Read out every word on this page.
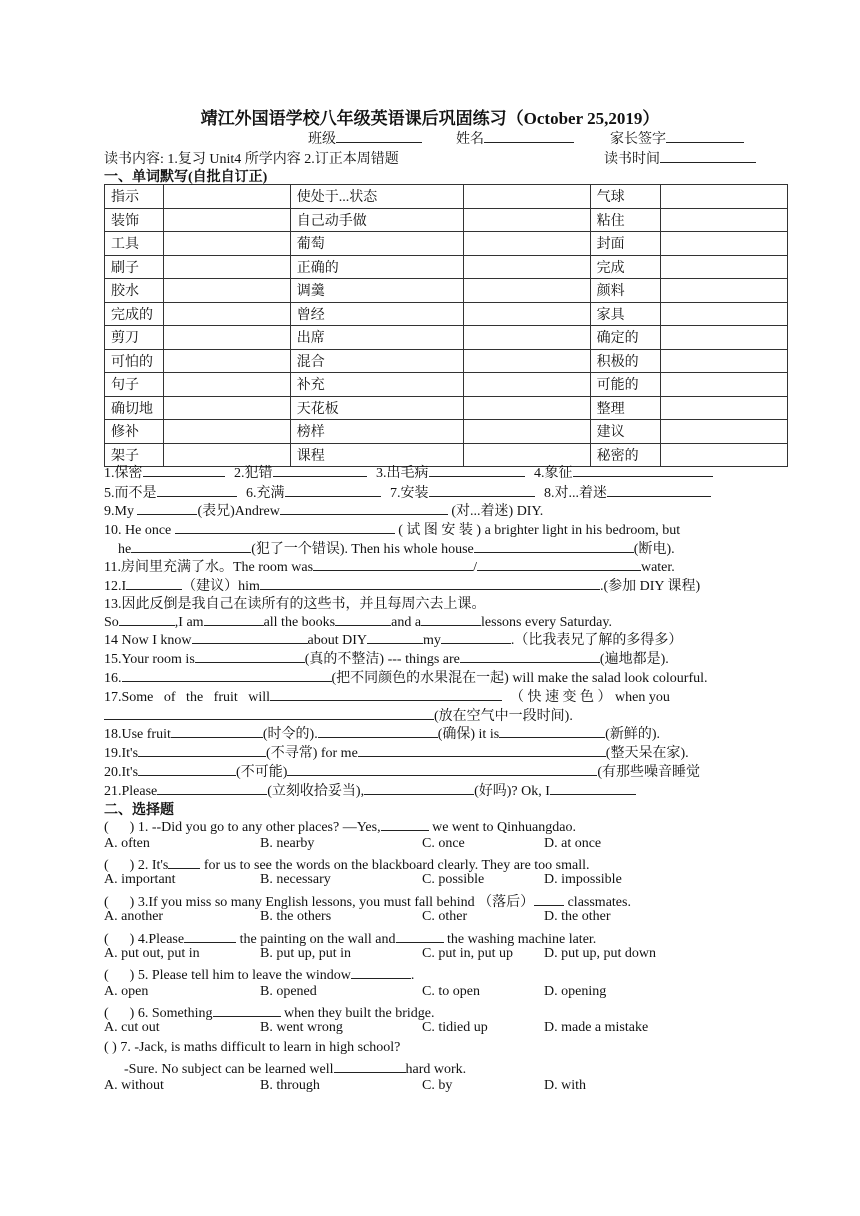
靖江外国语学校八年级英语课后巩固练习（October 25,2019）
班级	姓名	家长签字
读书内容: 1.复习 Unit4 所学内容 2.订正本周错题	读书时间
一、单词默写(自批自订正)
指示		使处于...状态		气球	
装饰		自己动手做		粘住	
工具		葡萄		封面	
刷子		正确的		完成	
胶水		调羹		颜料	
完成的		曾经		家具	
剪刀		出席		确定的	
可怕的		混合		积极的	
句子		补充		可能的	
确切地		天花板		整理	
修补		榜样		建议	
架子		课程		秘密的	
1.保密	2.犯错	3.出毛病	4.象征
5.而不是	6.充满	7.安装	8.对...着迷
9.My	(表兄)Andrew	(对...着迷) DIY.
10. He once	( 试 图 安 装 ) a brighter light in his bedroom, but
he	(犯了一个错误). Then his whole house	(断电).
11.房间里充满了水。The room was	/	water.
12.I	（建议）him	.(参加 DIY 课程)
13.因此反倒是我自己在读所有的这些书，并且每周六去上课。
So	,I am	all the books	and a	lessons every Saturday.
14 Now I know	about DIY	my	.（比我表兄了解的多得多）
15.Your room is	(真的不整洁) --- things are	(遍地都是).
16.	(把不同颜色的水果混在一起) will make the salad look colourful.
17.Some   of   the   fruit   will	（ 快 速 变 色 ） when you
(放在空气中一段时间).
18.Use fruit	(时令的).	(确保) it is	(新鲜的).
19.It's	(不寻常) for me	(整天呆在家).
20.It's	(不可能)	(有那些噪音睡觉
21.Please	(立刻收拾妥当),	(好吗)? Ok, I
二、选择题
(      ) 1. --Did you go to any other places? —Yes,	we went to Qinhuangdao.
A. often	B. nearby	C. once	D. at once
(      ) 2. It's	for us to see the words on the blackboard clearly. They are too small.
A. important	B. necessary	C. possible	D. impossible
(      ) 3.If you miss so many English lessons, you must fall behind （落后） classmates.
A. another	B. the others	C. other	D. the other
(      ) 4.Please	the painting on the wall and	the washing machine later.
A. put out, put in	B. put up, put in	C. put in, put up D. put up, put down
(      ) 5. Please tell him to leave the window	.
A. open	B. opened	C. to open	D. opening
(      ) 6. Something	when they built the bridge.
A. cut out	B. went wrong	C. tidied up	D. made a mistake
( ) 7. -Jack, is maths difficult to learn in high school?
-Sure. No subject can be learned well	hard work.
A. without	B. through	C. by	D. with
